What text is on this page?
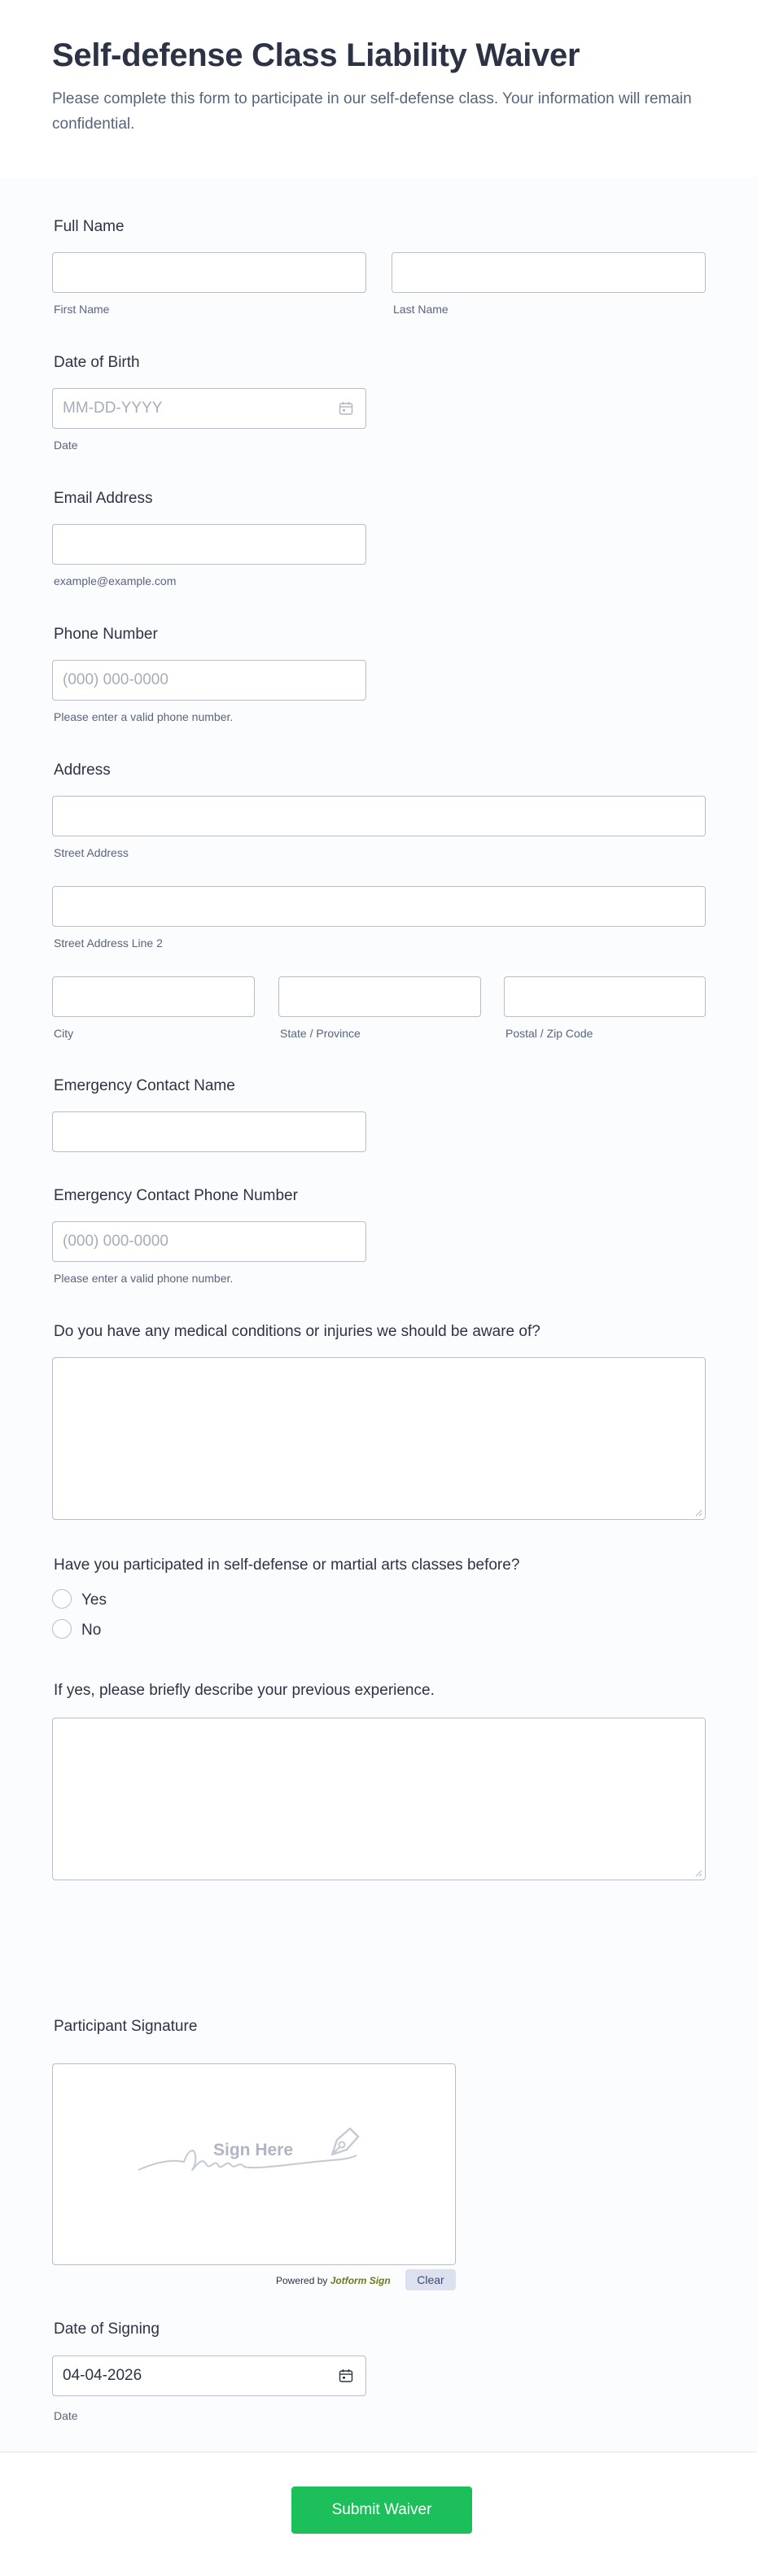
Self-defense Class Liability Waiver

Please complete this form to participate in our self-defense class. Your information will remain confidential.

Full Name
First Name	Last Name
Date of Birth
MM-DD-YYYY
Date
Email Address
example@example.com
Phone Number
(000) 000-0000
Please enter a valid phone number.
Address
Street Address
Street Address Line 2
City	State / Province	Postal / Zip Code
Emergency Contact Name
Emergency Contact Phone Number
(000) 000-0000
Please enter a valid phone number.
Do you have any medical conditions or injuries we should be aware of?
Have you participated in self-defense or martial arts classes before?
Yes
No
If yes, please briefly describe your previous experience.
Participant Signature
Sign Here
Powered by Jotform Sign	Clear
Date of Signing
04-04-2026
Date
Submit Waiver
